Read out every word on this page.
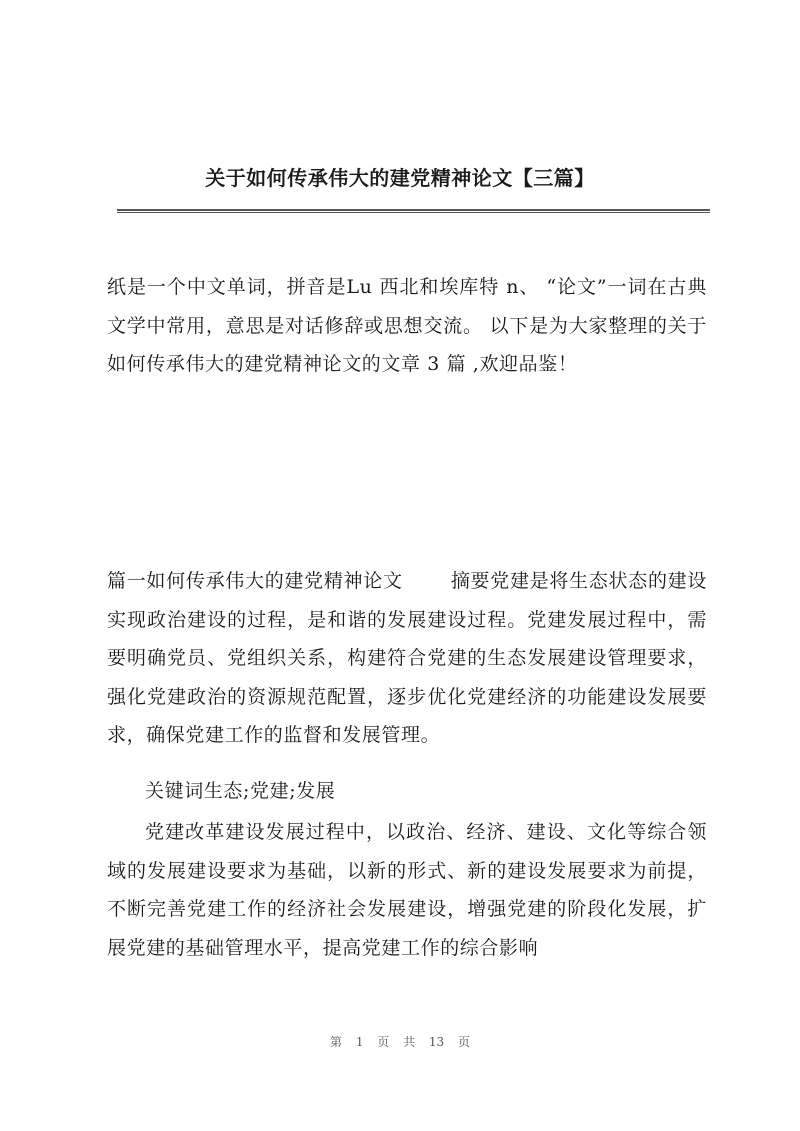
关于如何传承伟大的建党精神论文【三篇】

纸是一个中文单词，拼音是Lu 西北和埃库特 n、 “论文”一词在古典文学中常用，意思是对话修辞或思想交流。 以下是为大家整理的关于如何传承伟大的建党精神论文的文章 3 篇 ,欢迎品鉴！

篇一如何传承伟大的建党精神论文	摘要党建是将生态状态的建设实现政治建设的过程，是和谐的发展建设过程。党建发展过程中，需要明确党员、党组织关系，构建符合党建的生态发展建设管理要求，强化党建政治的资源规范配置，逐步优化党建经济的功能建设发展要求，确保党建工作的监督和发展管理。

关键词生态;党建;发展

党建改革建设发展过程中，以政治、经济、建设、文化等综合领域的发展建设要求为基础，以新的形式、新的建设发展要求为前提，不断完善党建工作的经济社会发展建设，增强党建的阶段化发展，扩展党建的基础管理水平，提高党建工作的综合影响

第 1 页 共 13 页
